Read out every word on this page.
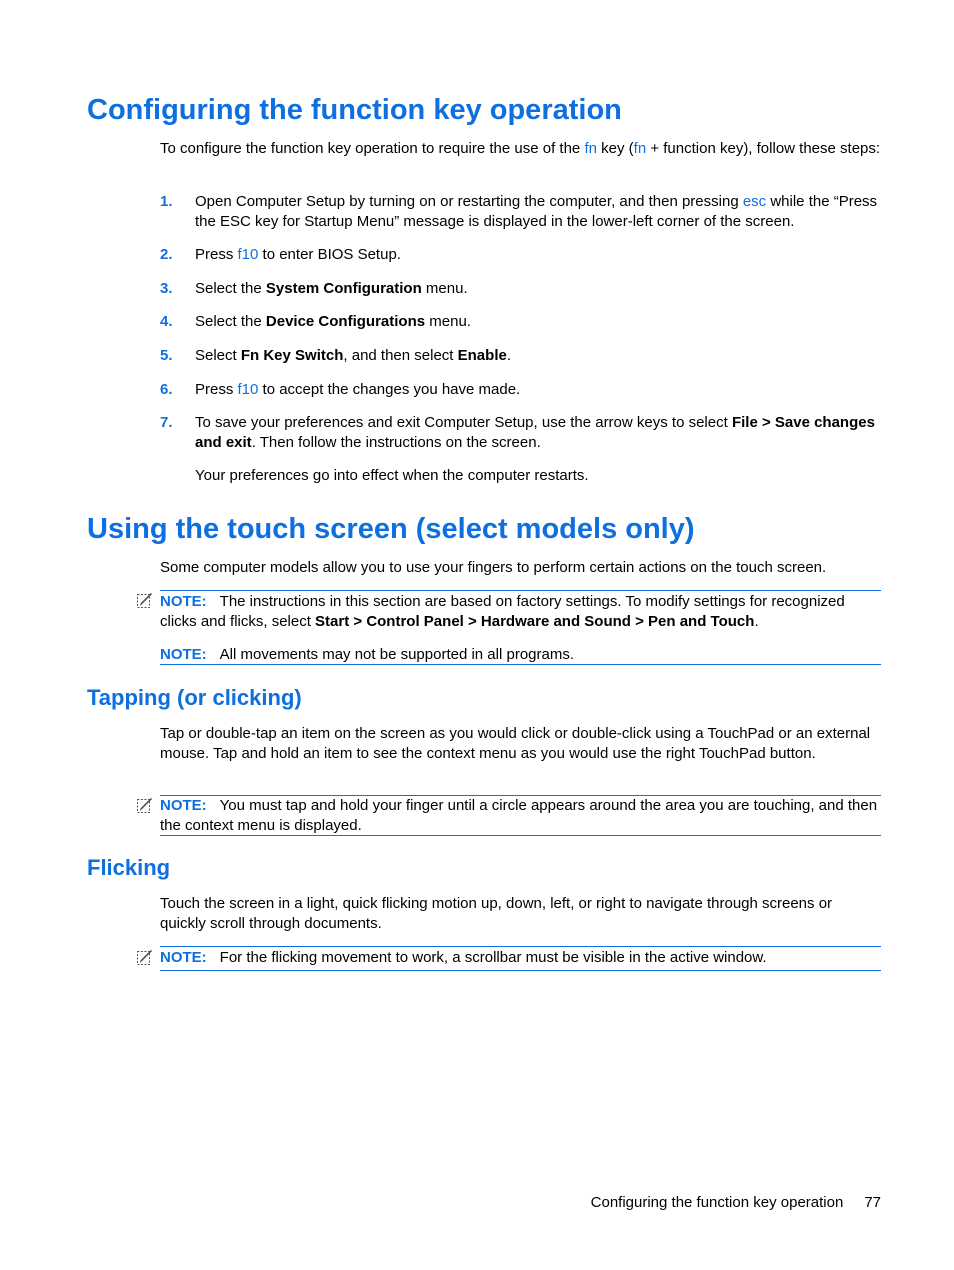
Configuring the function key operation

To configure the function key operation to require the use of the fn key (fn + function key), follow these steps:

1. Open Computer Setup by turning on or restarting the computer, and then pressing esc while the “Press the ESC key for Startup Menu” message is displayed in the lower-left corner of the screen.
2. Press f10 to enter BIOS Setup.
3. Select the System Configuration menu.
4. Select the Device Configurations menu.
5. Select Fn Key Switch, and then select Enable.
6. Press f10 to accept the changes you have made.
7. To save your preferences and exit Computer Setup, use the arrow keys to select File > Save changes and exit. Then follow the instructions on the screen.
Your preferences go into effect when the computer restarts.
Using the touch screen (select models only)

Some computer models allow you to use your fingers to perform certain actions on the touch screen.

NOTE: The instructions in this section are based on factory settings. To modify settings for recognized clicks and flicks, select Start > Control Panel > Hardware and Sound > Pen and Touch.
NOTE: All movements may not be supported in all programs.
Tapping (or clicking)

Tap or double-tap an item on the screen as you would click or double-click using a TouchPad or an external mouse. Tap and hold an item to see the context menu as you would use the right TouchPad button.

NOTE: You must tap and hold your finger until a circle appears around the area you are touching, and then the context menu is displayed.
Flicking

Touch the screen in a light, quick flicking motion up, down, left, or right to navigate through screens or quickly scroll through documents.

NOTE: For the flicking movement to work, a scrollbar must be visible in the active window.
Configuring the function key operation 77
